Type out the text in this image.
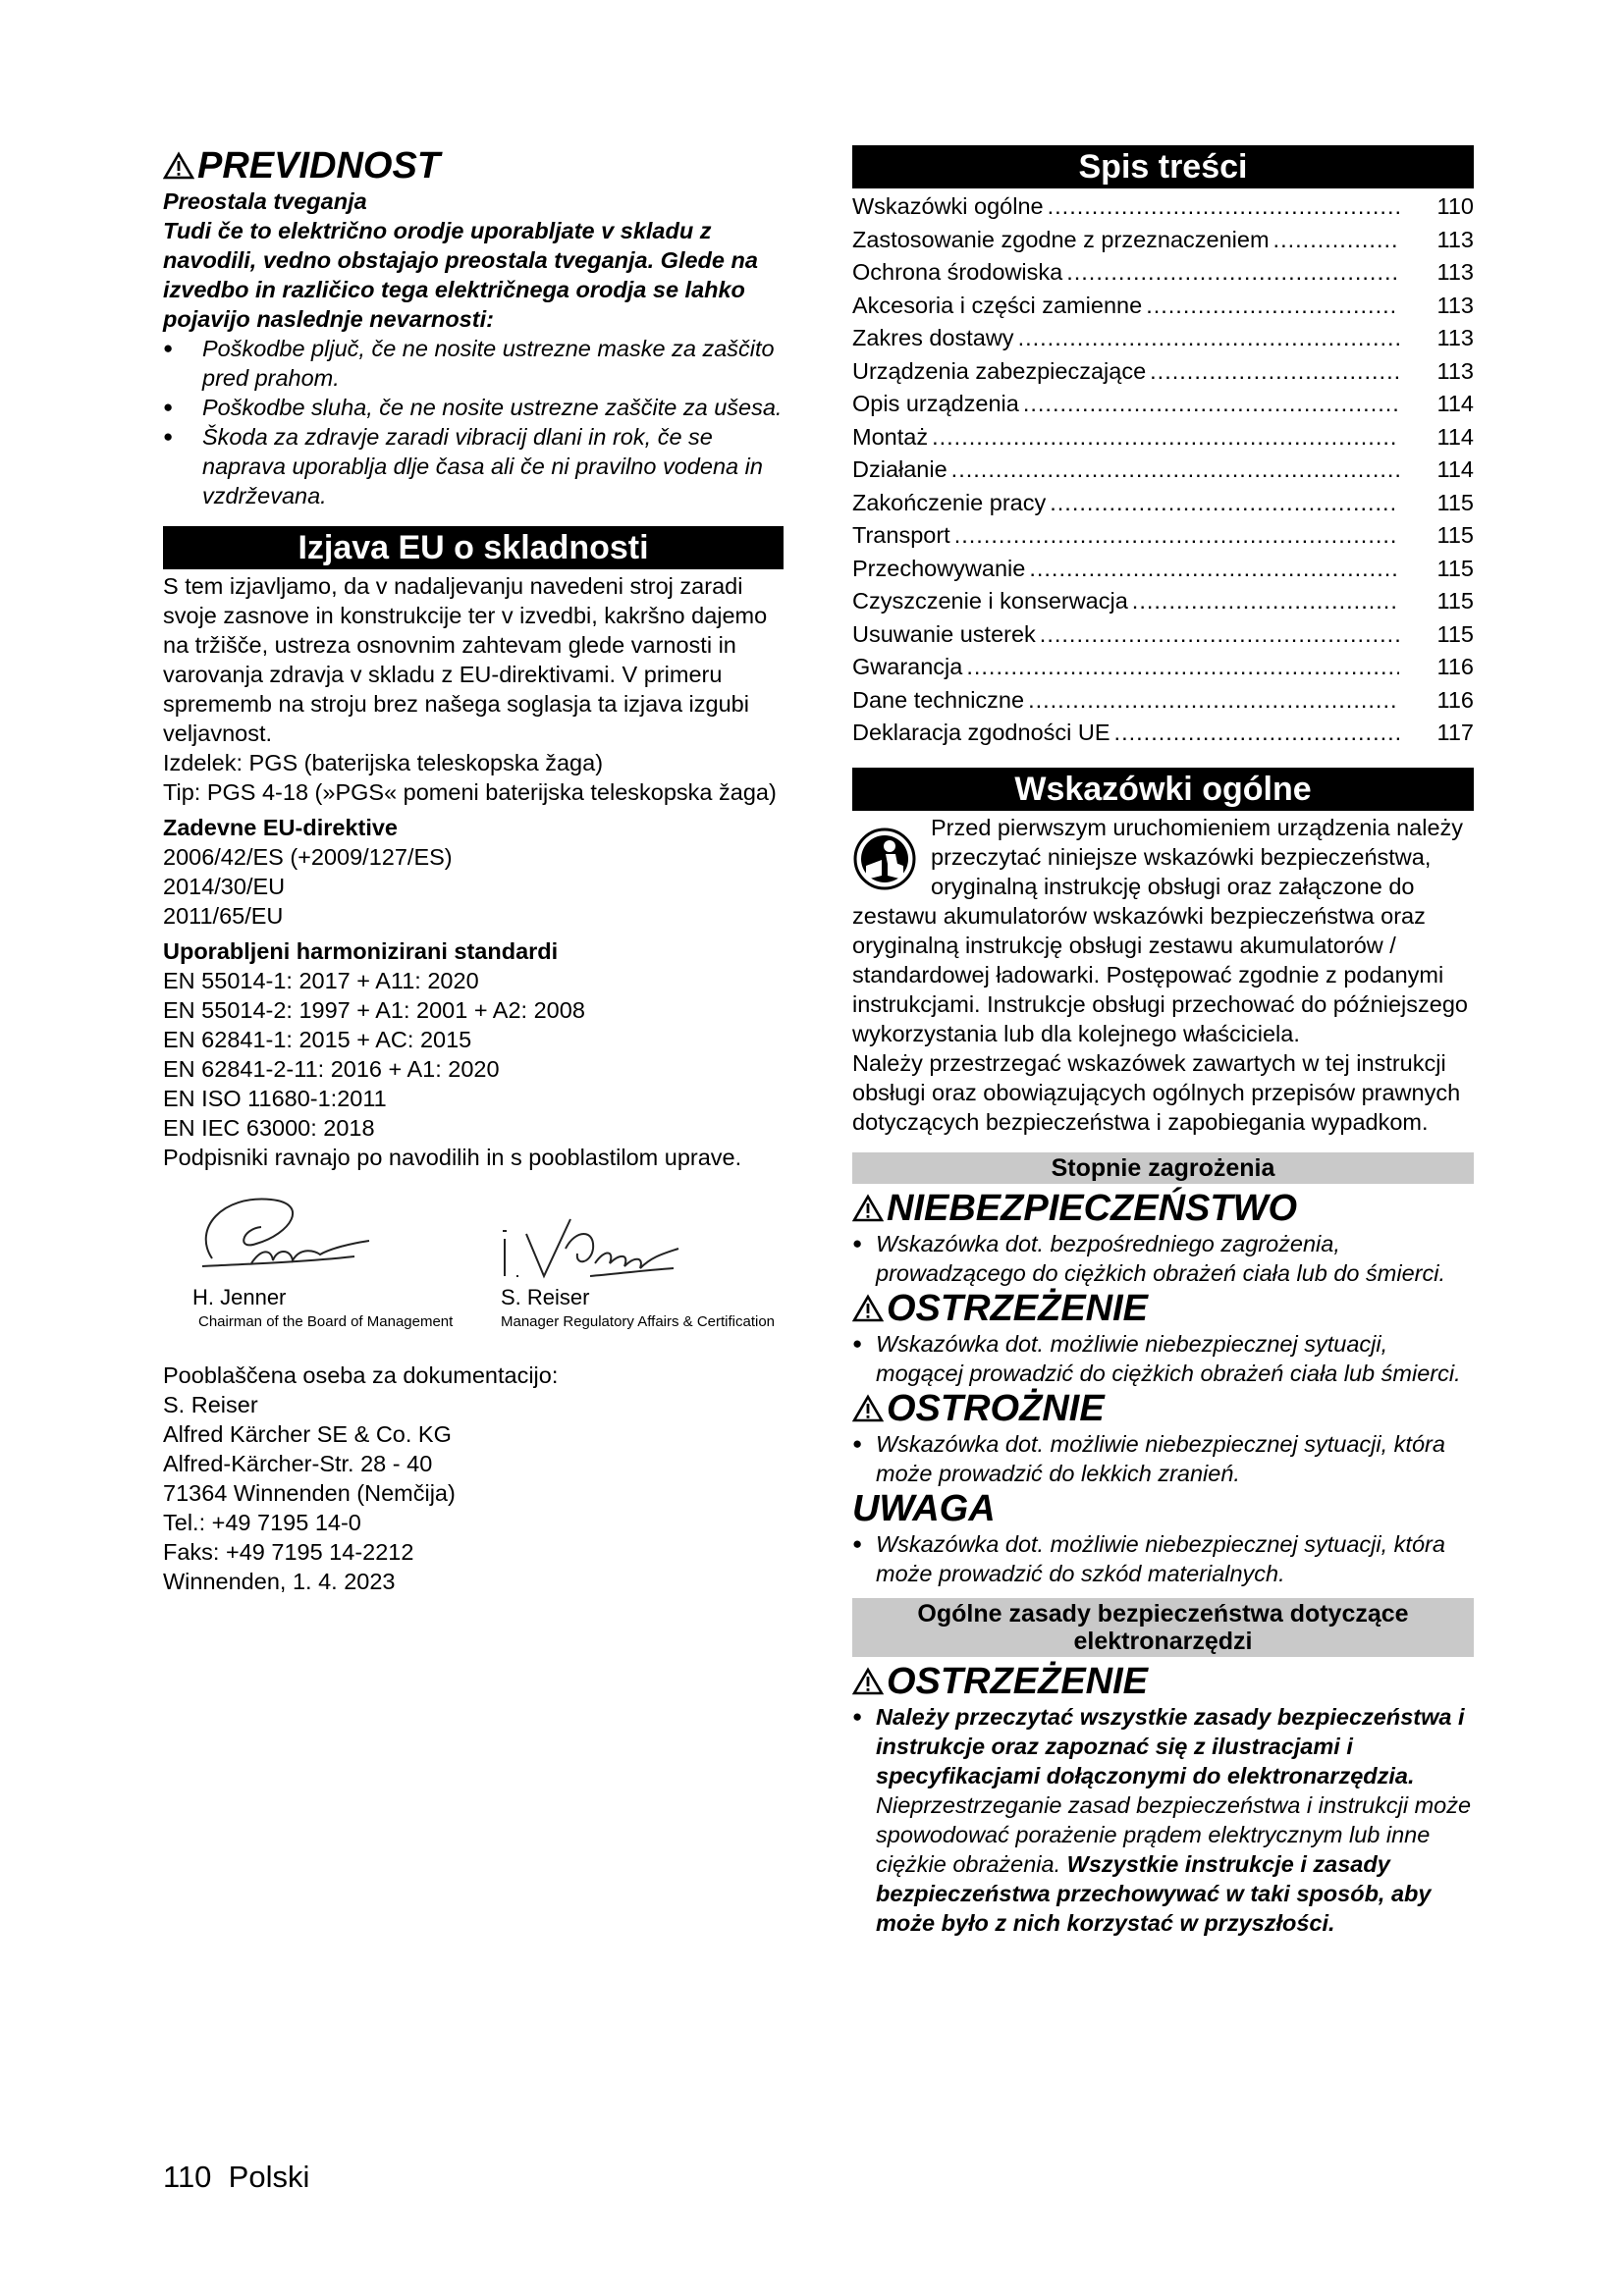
PREVIDNOST

Preostala tveganja

Tudi če to električno orodje uporabljate v skladu z navodili, vedno obstajajo preostala tveganja. Glede na izvedbo in različico tega električnega orodja se lahko pojavijo naslednje nevarnosti:

● Poškodbe pljuč, če ne nosite ustrezne maske za zaščito pred prahom.
● Poškodbe sluha, če ne nosite ustrezne zaščite za ušesa.
● Škoda za zdravje zaradi vibracij dlani in rok, če se naprava uporablja dlje časa ali če ni pravilno vodena in vzdrževana.
Izjava EU o skladnosti

S tem izjavljamo, da v nadaljevanju navedeni stroj zaradi svoje zasnove in konstrukcije ter v izvedbi, kakršno dajemo na tržišče, ustreza osnovnim zahtevam glede varnosti in varovanja zdravja v skladu z EU-direktivami. V primeru sprememb na stroju brez našega soglasja ta izjava izgubi veljavnost.

Izdelek: PGS (baterijska teleskopska žaga)

Tip: PGS 4-18 (»PGS« pomeni baterijska teleskopska žaga)

Zadevne EU-direktive

2006/42/ES (+2009/127/ES)

2014/30/EU

2011/65/EU

Uporabljeni harmonizirani standardi

EN 55014-1: 2017 + A11: 2020

EN 55014-2: 1997 + A1: 2001 + A2: 2008

EN 62841-1: 2015 + AC: 2015

EN 62841-2-11: 2016 + A1: 2020

EN ISO 11680-1:2011

EN IEC 63000: 2018

Podpisniki ravnajo po navodilih in s pooblastilom uprave.

H. Jenner
Chairman of the Board of Management
S. Reiser
Manager Regulatory Affairs & Certification

Pooblaščena oseba za dokumentacijo:

S. Reiser

Alfred Kärcher SE & Co. KG

Alfred-Kärcher-Str. 28 - 40

71364 Winnenden (Nemčija)

Tel.: +49 7195 14-0

Faks: +49 7195 14-2212

Winnenden, 1. 4. 2023

Spis treści
Wskazówki ogólne .....	110
Zastosowanie zgodne z przeznaczeniem .....	113
Ochrona środowiska .....	113
Akcesoria i części zamienne .....	113
Zakres dostawy .....	113
Urządzenia zabezpieczające .....	113
Opis urządzenia .....	114
Montaż .....	114
Działanie .....	114
Zakończenie pracy .....	115
Transport .....	115
Przechowywanie .....	115
Czyszczenie i konserwacja .....	115
Usuwanie usterek .....	115
Gwarancja .....	116
Dane techniczne .....	116
Deklaracja zgodności UE .....	117
Wskazówki ogólne

Przed pierwszym uruchomieniem urządzenia należy przeczytać niniejsze wskazówki bezpieczeństwa, oryginalną instrukcję obsługi oraz załączone do zestawu akumulatorów wskazówki bezpieczeństwa oraz oryginalną instrukcję obsługi zestawu akumulatorów / standardowej ładowarki. Postępować zgodnie z podanymi instrukcjami. Instrukcje obsługi przechować do późniejszego wykorzystania lub dla kolejnego właściciela.

Należy przestrzegać wskazówek zawartych w tej instrukcji obsługi oraz obowiązujących ogólnych przepisów prawnych dotyczących bezpieczeństwa i zapobiegania wypadkom.

Stopnie zagrożenia
NIEBEZPIECZEŃSTWO
● Wskazówka dot. bezpośredniego zagrożenia, prowadzącego do ciężkich obrażeń ciała lub do śmierci.
OSTRZEŻENIE
● Wskazówka dot. możliwie niebezpiecznej sytuacji, mogącej prowadzić do ciężkich obrażeń ciała lub śmierci.
OSTROŻNIE
● Wskazówka dot. możliwie niebezpiecznej sytuacji, która może prowadzić do lekkich zranień.
UWAGA
● Wskazówka dot. możliwie niebezpiecznej sytuacji, która może prowadzić do szkód materialnych.
Ogólne zasady bezpieczeństwa dotyczące elektronarzędzi
OSTRZEŻENIE
● Należy przeczytać wszystkie zasady bezpieczeństwa i instrukcje oraz zapoznać się z ilustracjami i specyfikacjami dołączonymi do elektronarzędzia.
Nieprzestrzeganie zasad bezpieczeństwa i instrukcji może spowodować porażenie prądem elektrycznym lub inne ciężkie obrażenia. Wszystkie instrukcje i zasady bezpieczeństwa przechowywać w taki sposób, aby może było z nich korzystać w przyszłości.
110 Polski
